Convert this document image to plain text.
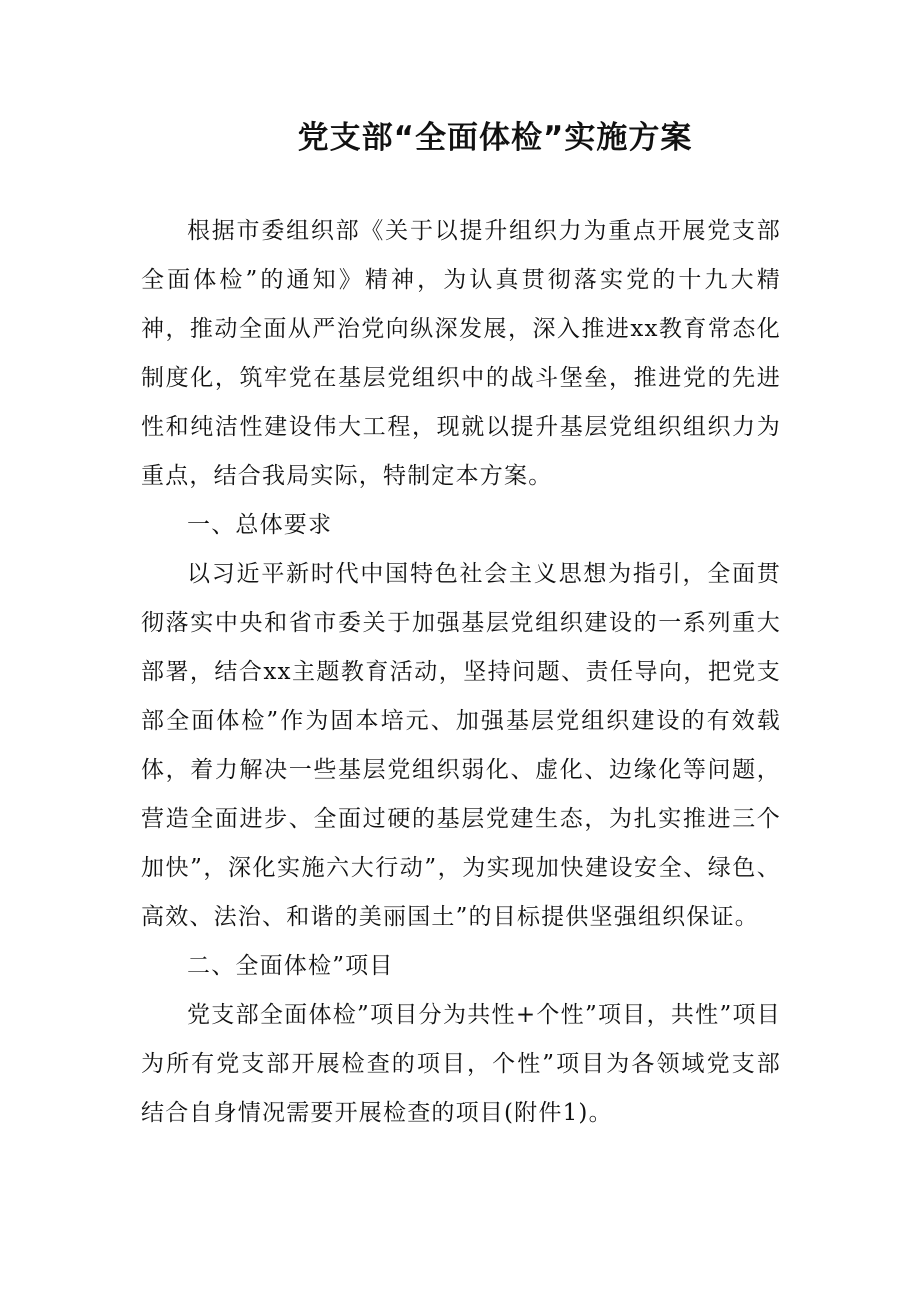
党支部“全面体检”实施方案

根据市委组织部《关于以提升组织力为重点开展党支部全面体检”的通知》精神，为认真贯彻落实党的十九大精神，推动全面从严治党向纵深发展，深入推进xx教育常态化制度化，筑牢党在基层党组织中的战斗堡垒，推进党的先进性和纯洁性建设伟大工程，现就以提升基层党组织组织力为重点，结合我局实际，特制定本方案。

一、总体要求

以习近平新时代中国特色社会主义思想为指引，全面贯彻落实中央和省市委关于加强基层党组织建设的一系列重大部署，结合xx主题教育活动，坚持问题、责任导向，把党支部全面体检”作为固本培元、加强基层党组织建设的有效载体，着力解决一些基层党组织弱化、虚化、边缘化等问题，营造全面进步、全面过硬的基层党建生态，为扎实推进三个加快”，深化实施六大行动”，为实现加快建设安全、绿色、高效、法治、和谐的美丽国土”的目标提供坚强组织保证。

二、全面体检”项目

党支部全面体检”项目分为共性+个性”项目，共性”项目为所有党支部开展检查的项目，个性”项目为各领域党支部结合自身情况需要开展检查的项目(附件1)。
